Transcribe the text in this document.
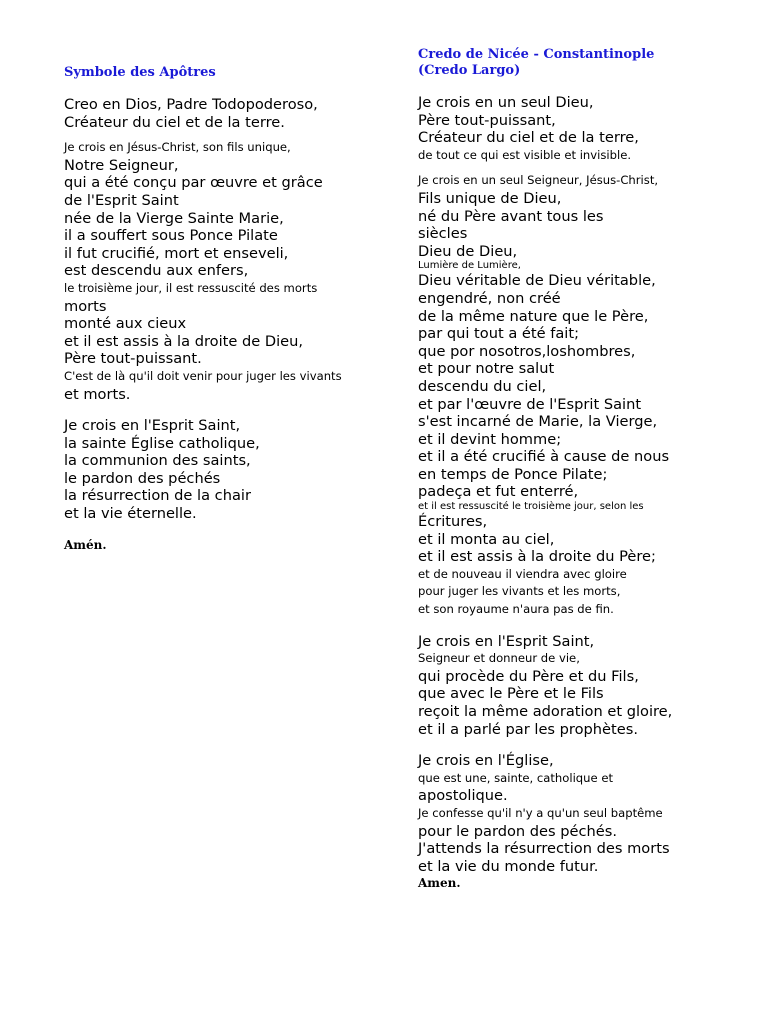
Symbole des Apôtres
Creo en Dios, Padre Todopoderoso,
Créateur du ciel et de la terre.
Je crois en Jésus-Christ, son fils unique,
Notre Seigneur,
qui a été conçu par œuvre et grâce
de l'Esprit Saint
née de la Vierge Sainte Marie,
il a souffert sous Ponce Pilate
il fut crucifié, mort et enseveli,
est descendu aux enfers,
le troisième jour, il est ressuscité des morts
morts
monté aux cieux
et il est assis à la droite de Dieu,
Père tout-puissant.
C'est de là qu'il doit venir pour juger les vivants
et morts.
Je crois en l'Esprit Saint,
la sainte Église catholique,
la communion des saints,
le pardon des péchés
la résurrection de la chair
et la vie éternelle.
Amén.
Credo de Nicée - Constantinople
(Credo Largo)
Je crois en un seul Dieu,
Père tout-puissant,
Créateur du ciel et de la terre,
de tout ce qui est visible et invisible.
Je crois en un seul Seigneur, Jésus-Christ,
Fils unique de Dieu,
né du Père avant tous les
siècles
Dieu de Dieu,
Lumière de Lumière,
Dieu véritable de Dieu véritable,
engendré, non créé
de la même nature que le Père,
par qui tout a été fait;
que por nosotros,loshombres,
et pour notre salut
descendu du ciel,
et par l'œuvre de l'Esprit Saint
s'est incarné de Marie, la Vierge,
et il devint homme;
et il a été crucifié à cause de nous
en temps de Ponce Pilate;
padeça et fut enterré,
et il est ressuscité le troisième jour, selon les
Écritures,
et il monta au ciel,
et il est assis à la droite du Père;
et de nouveau il viendra avec gloire
pour juger les vivants et les morts,
et son royaume n'aura pas de fin.
Je crois en l'Esprit Saint,
Seigneur et donneur de vie,
qui procède du Père et du Fils,
que avec le Père et le Fils
reçoit la même adoration et gloire,
et il a parlé par les prophètes.
Je crois en l'Église,
que est une, sainte, catholique et
apostolique.
Je confesse qu'il n'y a qu'un seul baptême
pour le pardon des péchés.
J'attends la résurrection des morts
et la vie du monde futur.
Amen.
